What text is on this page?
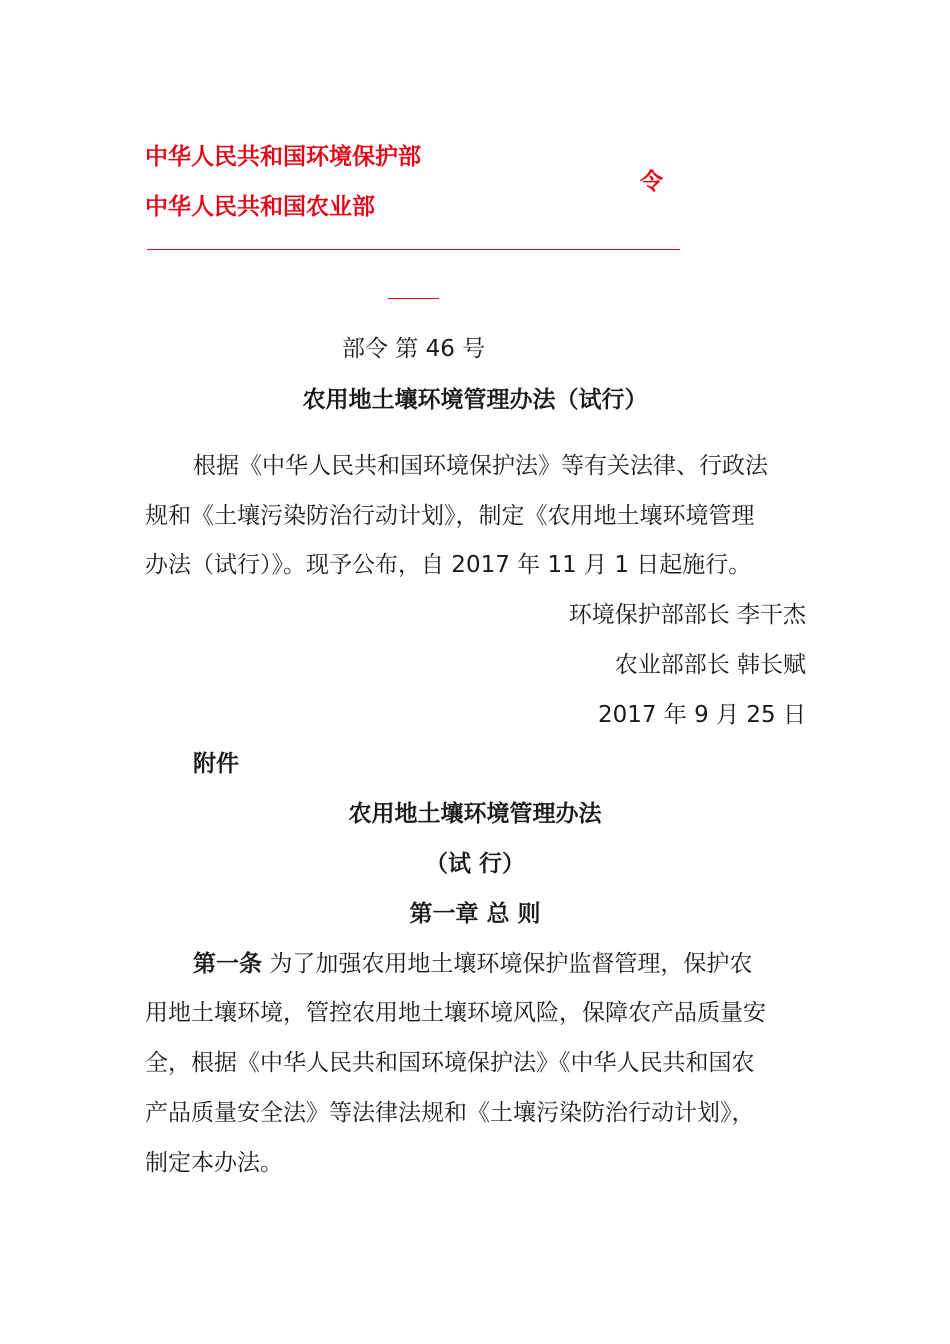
中华人民共和国环境保护部
中华人民共和国农业部
令
部令 第 46 号
农用地土壤环境管理办法（试行）
根据《中华人民共和国环境保护法》等有关法律、行政法
规和《土壤污染防治行动计划》，制定《农用地土壤环境管理
办法（试行）》。现予公布，自 2017 年 11 月 1 日起施行。
环境保护部部长 李干杰
农业部部长 韩长赋
2017 年 9 月 25 日
附件
农用地土壤环境管理办法
（试 行）
第一章 总 则
第一条 为了加强农用地土壤环境保护监督管理，保护农
用地土壤环境，管控农用地土壤环境风险，保障农产品质量安
全，根据《中华人民共和国环境保护法》《中华人民共和国农
产品质量安全法》等法律法规和《土壤污染防治行动计划》，
制定本办法。
